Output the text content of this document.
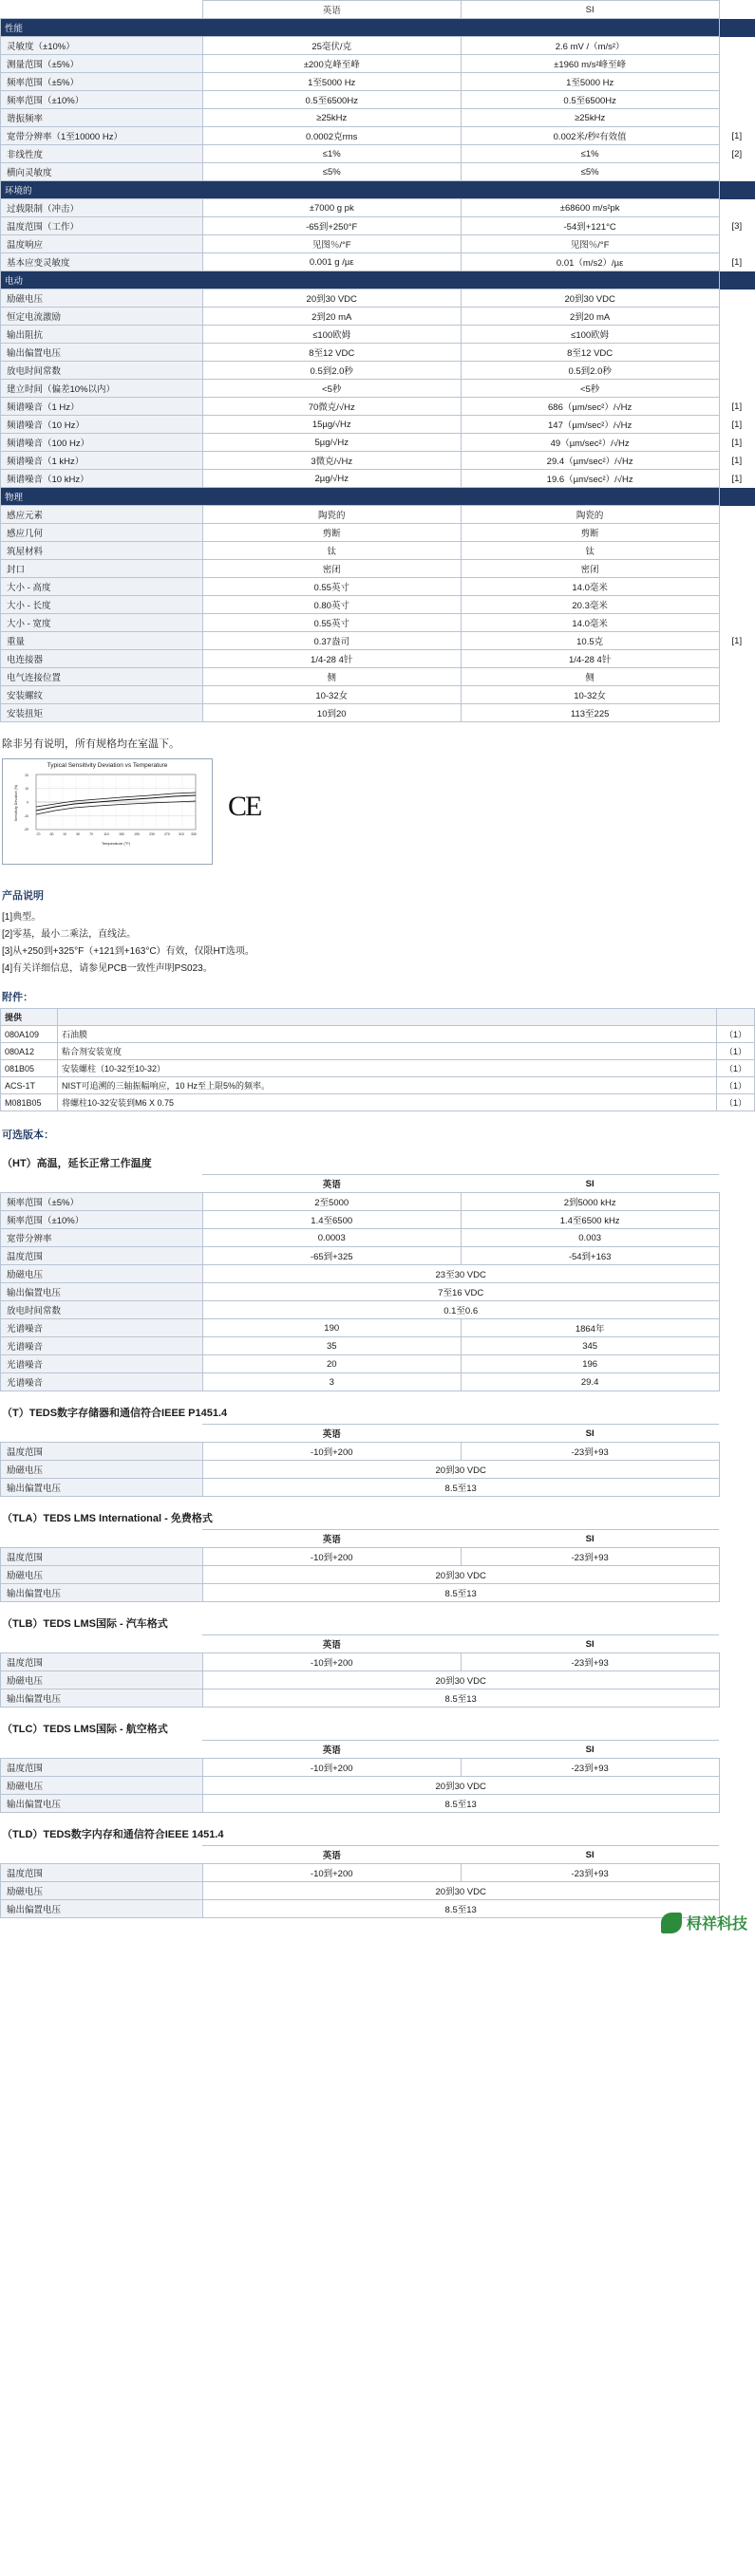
	英语	SI	
性能			
灵敏度（±10%）	25毫伏/克	2.6 mV /（m/s²）	
测量范围（±5%）	±200克峰至峰	±1960 m/s²峰至峰	
频率范围（±5%）	1至5000 Hz	1至5000 Hz	
频率范围（±10%）	0.5至6500Hz	0.5至6500Hz	
谐振频率	≥25kHz	≥25kHz	
宽带分辨率（1至10000 Hz）	0.0002克rms	0.002米/秒²有效值	[1]
非线性度	≤1%	≤1%	[2]
横向灵敏度	≤5%	≤5%	
环境的			
过载限制（冲击）	±7000 g pk	±68600 m/s²pk	
温度范围（工作）	-65到+250°F	-54到+121°C	[3]
温度响应	见图％/°F	见图％/°F	
基本应变灵敏度	0.001 g /µε	0.01（m/s2）/µε	[1]
电动			
励磁电压	20到30 VDC	20到30 VDC	
恒定电流激励	2到20 mA	2到20 mA	
输出阻抗	≤100欧姆	≤100欧姆	
输出偏置电压	8至12 VDC	8至12 VDC	
放电时间常数	0.5到2.0秒	0.5到2.0秒	
建立时间（偏差10%以内）	<5秒	<5秒	
频谱噪音（1 Hz）	70微克/√Hz	686（µm/sec²）/√Hz	[1]
频谱噪音（10 Hz）	15µg/√Hz	147（µm/sec²）/√Hz	[1]
频谱噪音（100 Hz）	5µg/√Hz	49（µm/sec²）/√Hz	[1]
频谱噪音（1 kHz）	3微克/√Hz	29.4（µm/sec²）/√Hz	[1]
频谱噪音（10 kHz）	2µg/√Hz	19.6（µm/sec²）/√Hz	[1]
物理			
感应元素	陶瓷的	陶瓷的	
感应几何	剪断	剪断	
筑屋材料	钛	钛	
封口	密闭	密闭	
大小 - 高度	0.55英寸	14.0毫米	
大小 - 长度	0.80英寸	20.3毫米	
大小 - 宽度	0.55英寸	14.0毫米	
重量	0.37盎司	10.5克	[1]
电连接器	1/4-28 4针	1/4-28 4针	
电气连接位置	侧	侧	
安装螺纹	10-32女	10-32女	
安装扭矩	10到20	113至225	
除非另有说明，所有规格均在室温下。
Typical Sensitivity Deviation vs Temperature
20
10
0
-10
-20
-70	-30	10	30	70	110	150	190	230	270	310 330
Temperature (°F)
Sensitivity Deviation (%)	CE
产品说明
[1]典型。
[2]零基，最小二乘法，直线法。
[3]从+250到+325°F（+121到+163°C）有效，仅限HT选项。
[4]有关详细信息，请参见PCB一致性声明PS023。
附件：
提供		
080A109	石油膜	（1）
080A12	粘合剂安装宽度	（1）
081B05	安装螺柱（10-32至10-32）	（1）
ACS-1T	NIST可追溯的三轴振幅响应，10 Hz至上限5%的频率。	（1）
M081B05	将螺柱10-32安装到M6 X 0.75	（1）
可选版本：
（HT）高温，延长正常工作温度
	英语	SI	
频率范围（±5%）	2至5000	2到5000 kHz	
频率范围（±10%）	1.4至6500	1.4至6500 kHz	
宽带分辨率	0.0003	0.003	
温度范围	-65到+325	-54到+163	
励磁电压	23至30 VDC		
输出偏置电压	7至16 VDC		
放电时间常数	0.1至0.6		
光谱噪音	190	1864年	
光谱噪音	35	345	
光谱噪音	20	196	
光谱噪音	3	29.4	
（T）TEDS数字存储器和通信符合IEEE P1451.4
	英语	SI	
温度范围	-10到+200	-23到+93	
励磁电压	20到30 VDC		
输出偏置电压	8.5至13		
（TLA）TEDS LMS International - 免费格式
	英语	SI	
温度范围	-10到+200	-23到+93	
励磁电压	20到30 VDC		
输出偏置电压	8.5至13		
（TLB）TEDS LMS国际 - 汽车格式
	英语	SI	
温度范围	-10到+200	-23到+93	
励磁电压	20到30 VDC		
输出偏置电压	8.5至13		
（TLC）TEDS LMS国际 - 航空格式
	英语	SI	
温度范围	-10到+200	-23到+93	
励磁电压	20到30 VDC		
输出偏置电压	8.5至13		
（TLD）TEDS数字内存和通信符合IEEE 1451.4
	英语	SI	
温度范围	-10到+200	-23到+93	
励磁电压	20到30 VDC		
输出偏置电压	8.5至13		
桪祥科技
